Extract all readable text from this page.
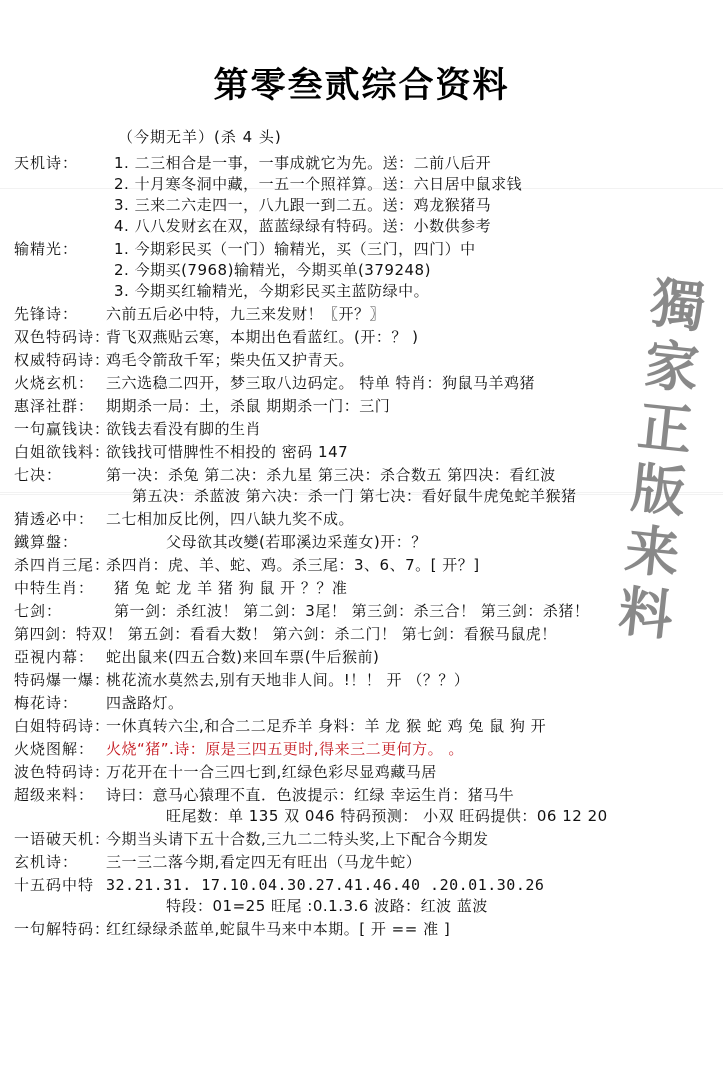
第零叁贰综合资料
（今期无羊）(杀 4 头)
獨
家
正
版
来
料
天机诗：	1. 二三相合是一事，一事成就它为先。送：二前八后开
2. 十月寒冬洞中藏，一五一个照祥算。送：六日居中鼠求钱
3. 三来二六走四一，八九跟一到二五。送：鸡龙猴猪马
4. 八八发财玄在双，蓝蓝绿绿有特码。送：小数供参考
输精光：	1. 今期彩民买（一门）输精光，买（三门，四门）中
2. 今期买(7968)输精光，今期买单(379248)
3. 今期买红输精光，今期彩民买主蓝防绿中。
先锋诗：	六前五后必中特，九三来发财！〖开？〗
双色特码诗：
背飞双燕贴云寒，本期出色看蓝红。(开：？ )
权威特码诗：
鸡毛令箭敌千军；柴央伍又护青天。
火烧玄机： 三六选稳二四开，梦三取八边码定。 特单 特肖：狗鼠马羊鸡猪
惠泽社群： 期期杀一局：土，杀鼠 期期杀一门：三门
一句赢钱诀：
欲钱去看没有脚的生肖
白姐欲钱料：
欲钱找可惜脾性不相投的 密码 147
七决：	第一决：杀兔 第二决：杀九星 第三决：杀合数五 第四决：看红波
第五决：杀蓝波 第六决：杀一门 第七决：看好鼠牛虎兔蛇羊猴猪
猜透必中： 二七相加反比例，四八缺九奖不成。
鐵算盤：	父母欲其改變(若耶溪边采莲女)开：？
杀四肖三尾：
杀四肖：虎、羊、蛇、鸡。杀三尾：3、6、7。[ 开？]
中特生肖：	猪 兔 蛇 龙 羊 猪 狗 鼠 开 ？？准
七剑：	第一剑：杀红波！ 第二剑：3尾！ 第三剑：杀三合！ 第三剑：杀猪！
第四剑：特双！ 第五剑：看看大数！ 第六剑：杀二门！ 第七剑：看猴马鼠虎！
亞視内幕： 蛇出鼠来(四五合数)来回车票(牛后猴前)
特码爆一爆：
桃花流水莫然去,别有天地非人间。!！！ 开 （？？）
梅花诗：	四盏路灯。
白姐特码诗：
一休真转六尘,和合二二足乔羊 身料：羊 龙 猴 蛇 鸡 兔 鼠 狗 开
火烧图解： 火烧“猪”.诗：原是三四五更时,得来三二更何方。 。
波色特码诗：
万花开在十一合三四七到,红绿色彩尽显鸡藏马居
超级来料： 诗曰：意马心猿理不直．色波提示：红绿 幸运生肖：猪马牛
旺尾数：单 135 双 046 特码预测： 小双 旺码提供：06 12 20
一语破天机：
今期当头请下五十合数,三九二二特头奖,上下配合今期发
玄机诗：	三一三二落今期,看定四无有旺出（马龙牛蛇）
十五码中特 32.21.31. 17.10.04.30.27.41.46.40 .20.01.30.26
特段：01=25 旺尾 :0.1.3.6 波路：红波 蓝波
一句解特码：
红红绿绿杀蓝单,蛇鼠牛马来中本期。[ 开 == 准 ]
